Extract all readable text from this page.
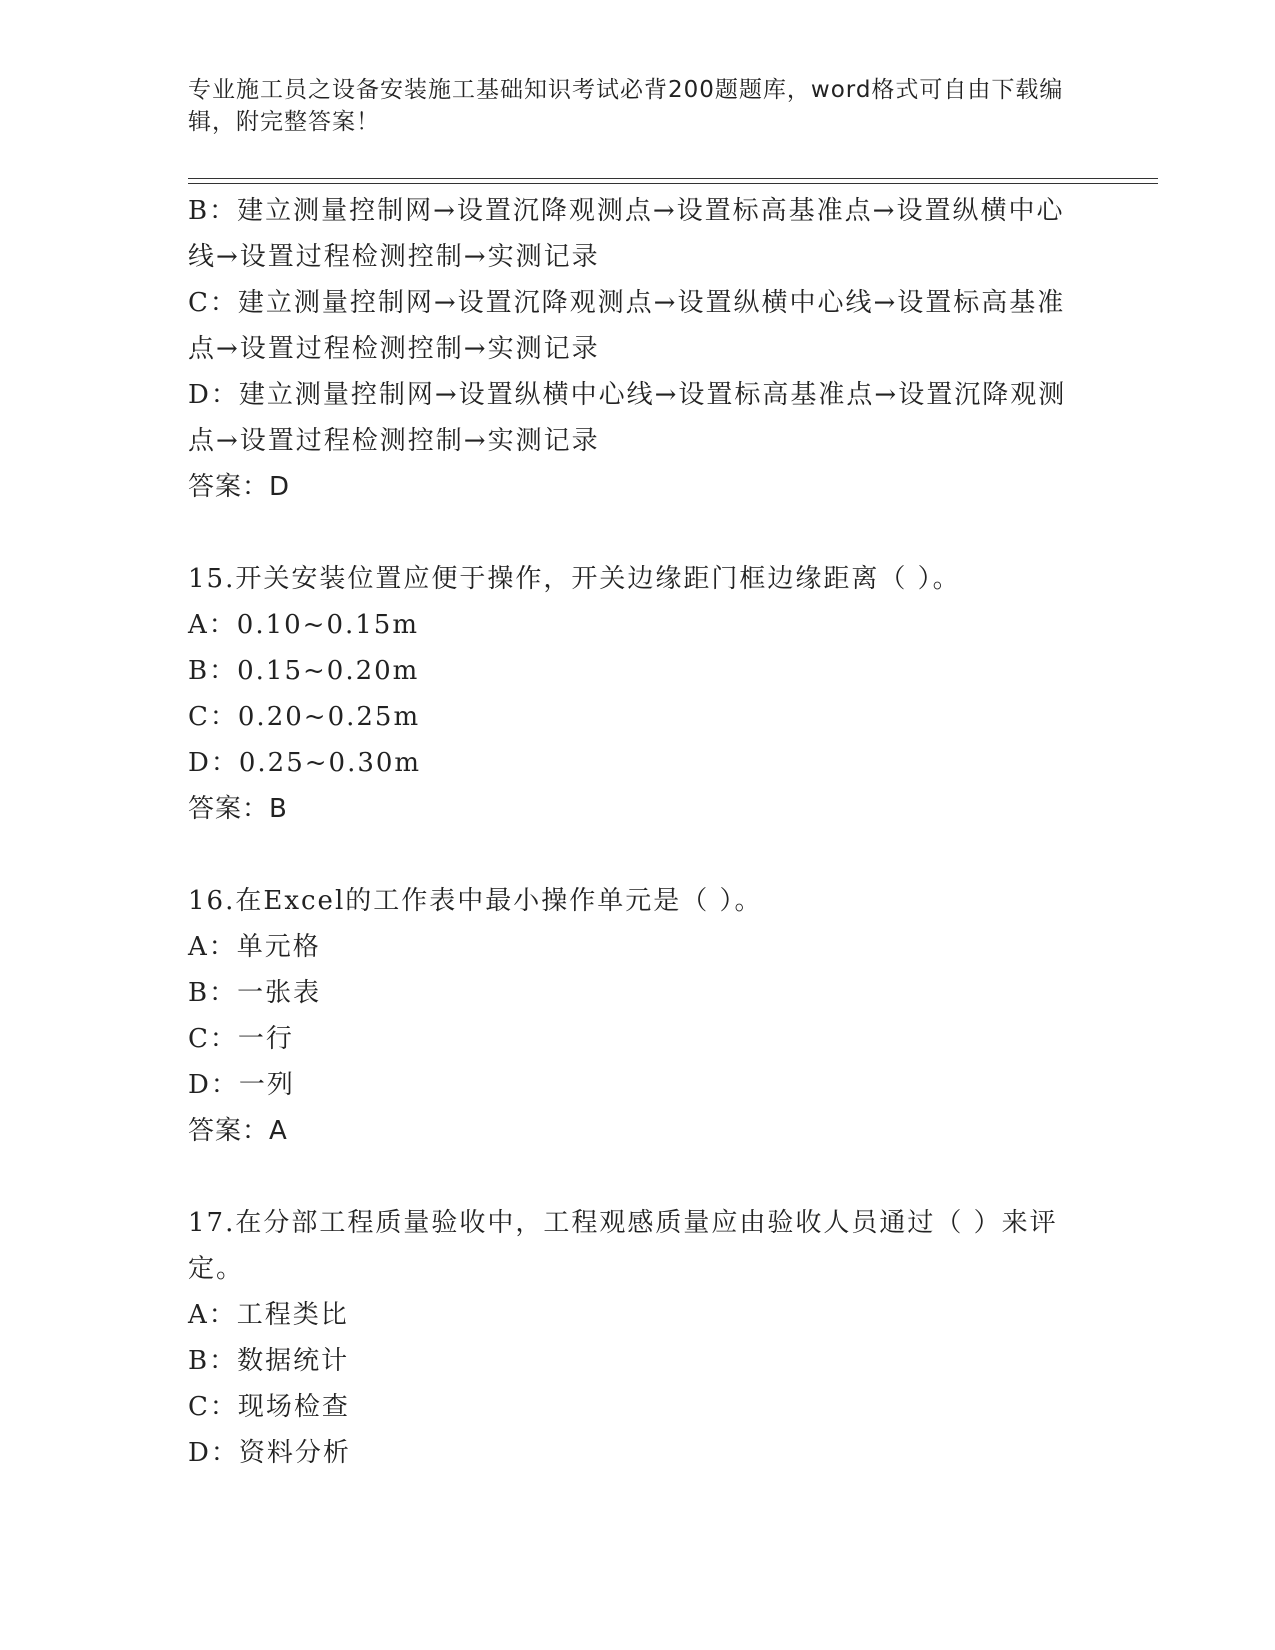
专业施工员之设备安装施工基础知识考试必背200题题库，word格式可自由下载编辑，附完整答案！

B：建立测量控制网→设置沉降观测点→设置标高基准点→设置纵横中心线→设置过程检测控制→实测记录

C：建立测量控制网→设置沉降观测点→设置纵横中心线→设置标高基准点→设置过程检测控制→实测记录

D：建立测量控制网→设置纵横中心线→设置标高基准点→设置沉降观测点→设置过程检测控制→实测记录

答案：D

15.开关安装位置应便于操作，开关边缘距门框边缘距离（ ）。

A：0.10~0.15m

B：0.15~0.20m

C：0.20~0.25m

D：0.25~0.30m

答案：B

16.在Excel的工作表中最小操作单元是（ ）。

A：单元格

B：一张表

C：一行

D：一列

答案：A

17.在分部工程质量验收中，工程观感质量应由验收人员通过（ ）来评定。

A：工程类比

B：数据统计

C：现场检查

D：资料分析
